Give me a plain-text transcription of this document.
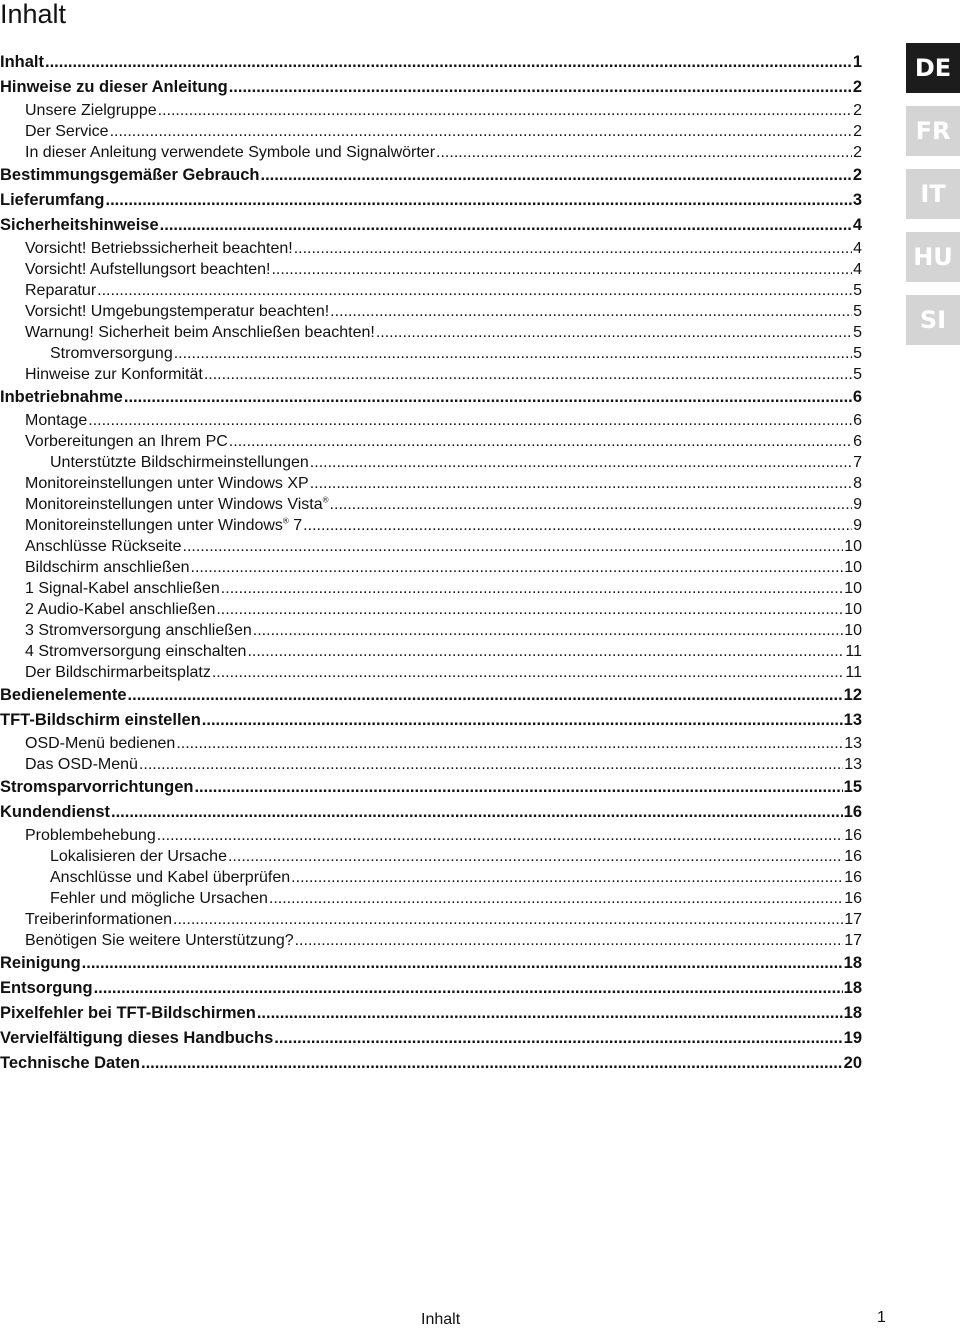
Inhalt
Inhalt .....	1
Hinweise zu dieser Anleitung .....	2
Unsere Zielgruppe .....	2
Der Service .....	2
In dieser Anleitung verwendete Symbole und Signalwörter .....	2
Bestimmungsgemäßer Gebrauch .....	2
Lieferumfang .....	3
Sicherheitshinweise .....	4
Vorsicht! Betriebssicherheit beachten! .....	4
Vorsicht! Aufstellungsort beachten! .....	4
Reparatur .....	5
Vorsicht! Umgebungstemperatur beachten! .....	5
Warnung! Sicherheit beim Anschließen beachten! .....	5
Stromversorgung .....	5
Hinweise zur Konformität .....	5
Inbetriebnahme .....	6
Montage .....	6
Vorbereitungen an Ihrem PC .....	6
Unterstützte Bildschirmeinstellungen .....	7
Monitoreinstellungen unter Windows XP .....	8
Monitoreinstellungen unter Windows Vista® .....	9
Monitoreinstellungen unter Windows® 7 .....	9
Anschlüsse Rückseite .....	10
Bildschirm anschließen .....	10
1 Signal-Kabel anschließen .....	10
2 Audio-Kabel anschließen .....	10
3 Stromversorgung anschließen .....	10
4 Stromversorgung einschalten .....	11
Der Bildschirmarbeitsplatz .....	11
Bedienelemente .....	12
TFT-Bildschirm einstellen .....	13
OSD-Menü bedienen .....	13
Das OSD-Menü .....	13
Stromsparvorrichtungen .....	15
Kundendienst .....	16
Problembehebung .....	16
Lokalisieren der Ursache .....	16
Anschlüsse und Kabel überprüfen .....	16
Fehler und mögliche Ursachen .....	16
Treiberinformationen .....	17
Benötigen Sie weitere Unterstützung? .....	17
Reinigung .....	18
Entsorgung .....	18
Pixelfehler bei TFT-Bildschirmen .....	18
Vervielfältigung dieses Handbuchs .....	19
Technische Daten .....	20
DE
FR
IT
HU
SI
Inhalt	1
